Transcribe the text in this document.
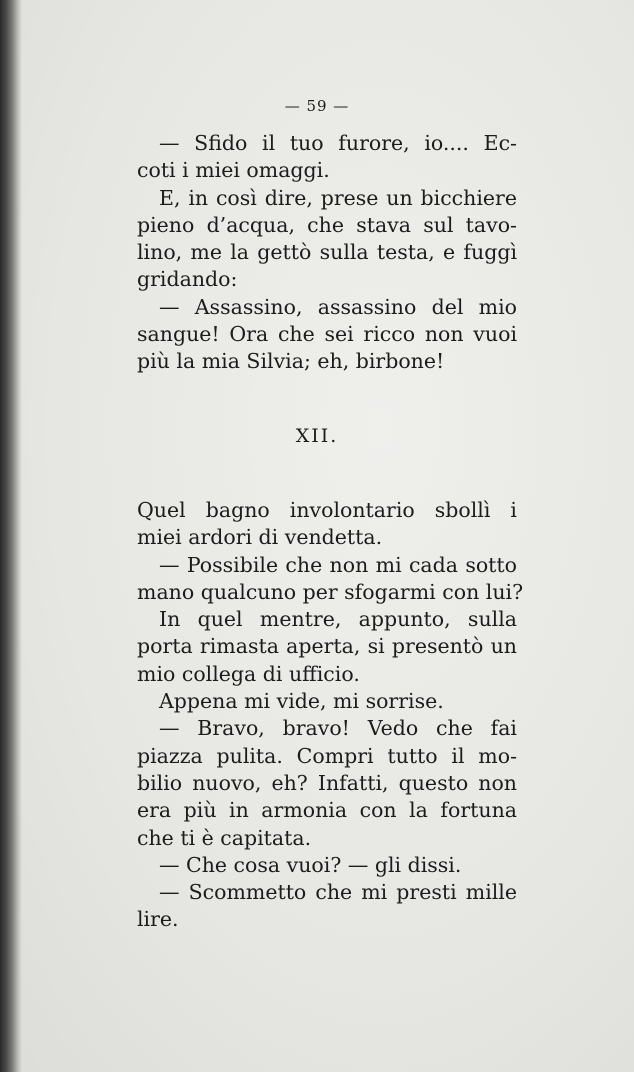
— 59 —
— Sfido il tuo furore, io.... Ec-
coti i miei omaggi.
E, in così dire, prese un bicchiere
pieno d’acqua, che stava sul tavo-
lino, me la gettò sulla testa, e fuggì
gridando:
— Assassino, assassino del mio
sangue! Ora che sei ricco non vuoi
più la mia Silvia; eh, birbone!
XII.
Quel bagno involontario sbollì i
miei ardori di vendetta.
— Possibile che non mi cada sotto
mano qualcuno per sfogarmi con lui?
In quel mentre, appunto, sulla
porta rimasta aperta, si presentò un
mio collega di ufficio.
Appena mi vide, mi sorrise.
— Bravo, bravo! Vedo che fai
piazza pulita. Compri tutto il mo-
bilio nuovo, eh? Infatti, questo non
era più in armonia con la fortuna
che ti è capitata.
— Che cosa vuoi? — gli dissi.
— Scommetto che mi presti mille
lire.
